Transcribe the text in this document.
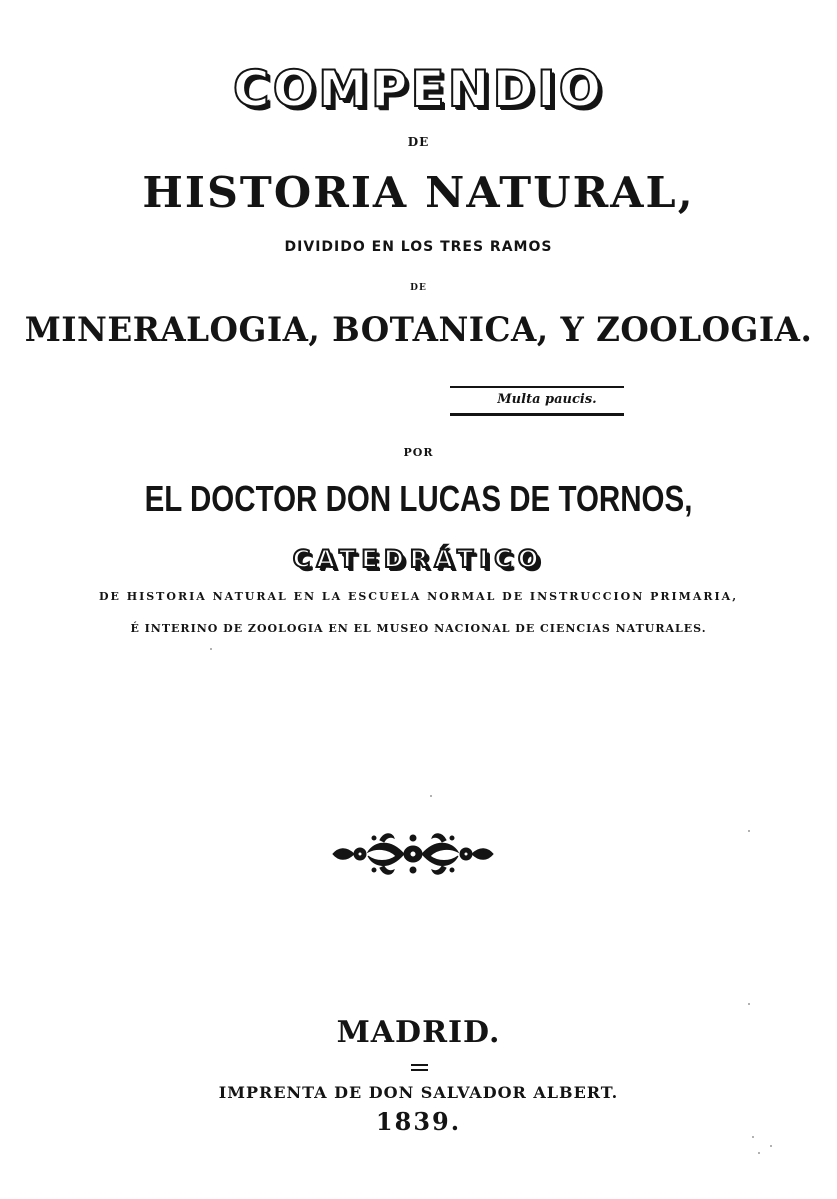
COMPENDIO
DE
HISTORIA NATURAL,
DIVIDIDO EN LOS TRES RAMOS
DE
MINERALOGIA, BOTANICA, Y ZOOLOGIA.
Multa paucis.
POR
EL DOCTOR DON LUCAS DE TORNOS,
CATEDRÁTICO
DE HISTORIA NATURAL EN LA ESCUELA NORMAL DE INSTRUCCION PRIMARIA,
É INTERINO DE ZOOLOGIA EN EL MUSEO NACIONAL DE CIENCIAS NATURALES.
MADRID.
IMPRENTA DE DON SALVADOR ALBERT.
1839.
